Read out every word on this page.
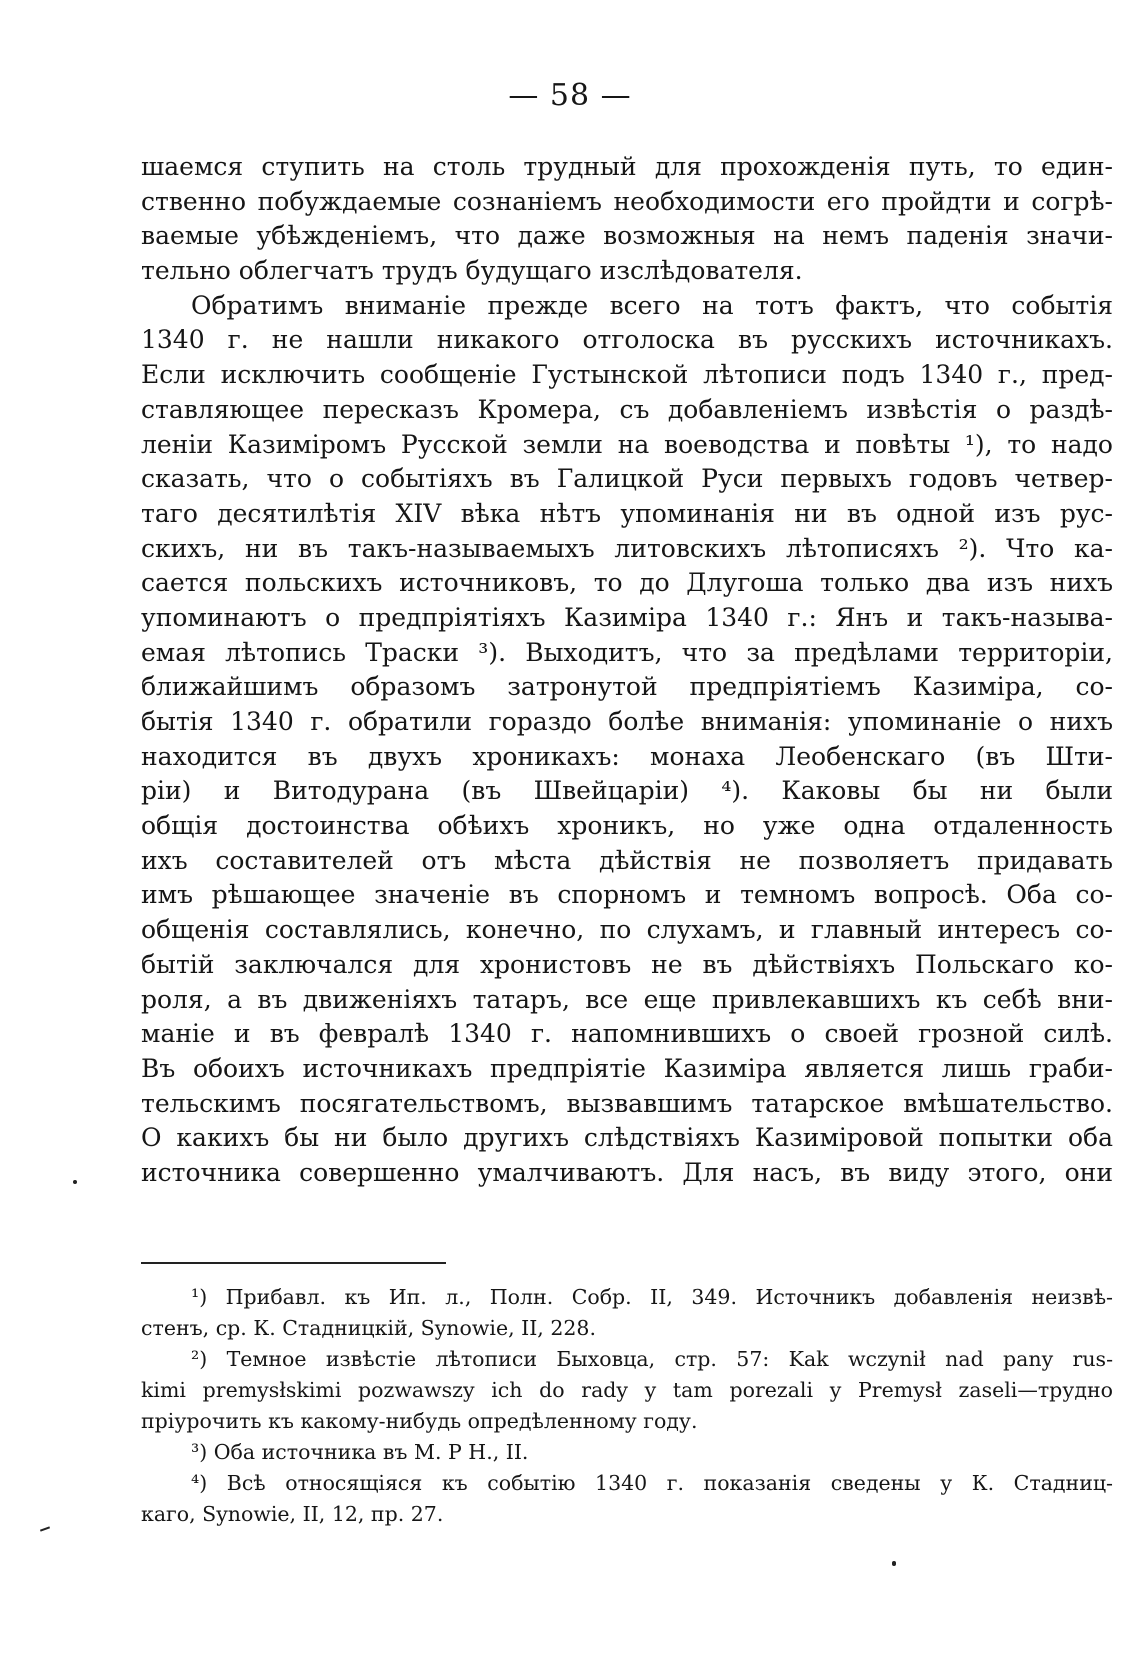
— 58 —
шаемся ступить на столь трудный для прохожденія путь, то един-
ственно побуждаемые сознаніемъ необходимости его пройдти и согрѣ-
ваемые убѣжденіемъ, что даже возможныя на немъ паденія значи-
тельно облегчатъ трудъ будущаго изслѣдователя.
Обратимъ вниманіе прежде всего на тотъ фактъ, что событія
1340 г. не нашли никакого отголоска въ русскихъ источникахъ.
Если исключить сообщеніе Густынской лѣтописи подъ 1340 г., пред-
ставляющее пересказъ Кромера, съ добавленіемъ извѣстія о раздѣ-
леніи Казиміромъ Русской земли на воеводства и повѣты ¹), то надо
сказать, что о событіяхъ въ Галицкой Руси первыхъ годовъ четвер-
таго десятилѣтія XIV вѣка нѣтъ упоминанія ни въ одной изъ рус-
скихъ, ни въ такъ-называемыхъ литовскихъ лѣтописяхъ ²). Что ка-
сается польскихъ источниковъ, то до Длугоша только два изъ нихъ
упоминаютъ о предпріятіяхъ Казиміра 1340 г.: Янъ и такъ-называ-
емая лѣтопись Траски ³). Выходитъ, что за предѣлами территоріи,
ближайшимъ образомъ затронутой предпріятіемъ Казиміра, со-
бытія 1340 г. обратили гораздо болѣе вниманія: упоминаніе о нихъ
находится въ двухъ хроникахъ: монаха Леобенскаго (въ Шти-
ріи) и Витодурана (въ Швейцаріи) ⁴). Каковы бы ни были
общія достоинства обѣихъ хроникъ, но уже одна отдаленность
ихъ составителей отъ мѣста дѣйствія не позволяетъ придавать
имъ рѣшающее значеніе въ спорномъ и темномъ вопросѣ. Оба со-
общенія составлялись, конечно, по слухамъ, и главный интересъ со-
бытій заключался для хронистовъ не въ дѣйствіяхъ Польскаго ко-
роля, а въ движеніяхъ татаръ, все еще привлекавшихъ къ себѣ вни-
маніе и въ февралѣ 1340 г. напомнившихъ о своей грозной силѣ.
Въ обоихъ источникахъ предпріятіе Казиміра является лишь граби-
тельскимъ посягательствомъ, вызвавшимъ татарское вмѣшательство.
О какихъ бы ни было другихъ слѣдствіяхъ Казиміровой попытки оба
источника совершенно умалчиваютъ. Для насъ, въ виду этого, они
¹) Прибавл. къ Ип. л., Полн. Собр. II, 349. Источникъ добавленія неизвѣ-
стенъ, ср. К. Стадницкій, Synowie, II, 228.
²) Темное извѣстіе лѣтописи Быховца, стр. 57: Kak wczynił nad pany rus-
kimi premysłskimi pozwawszy ich do rady y tam porezali y Premysł zaseli—трудно
пріурочить къ какому-нибудь опредѣленному году.
³) Оба источника въ М. Р Н., II.
⁴) Всѣ относящіяся къ событію 1340 г. показанія сведены у К. Стадниц-
каго, Synowie, II, 12, пр. 27.
